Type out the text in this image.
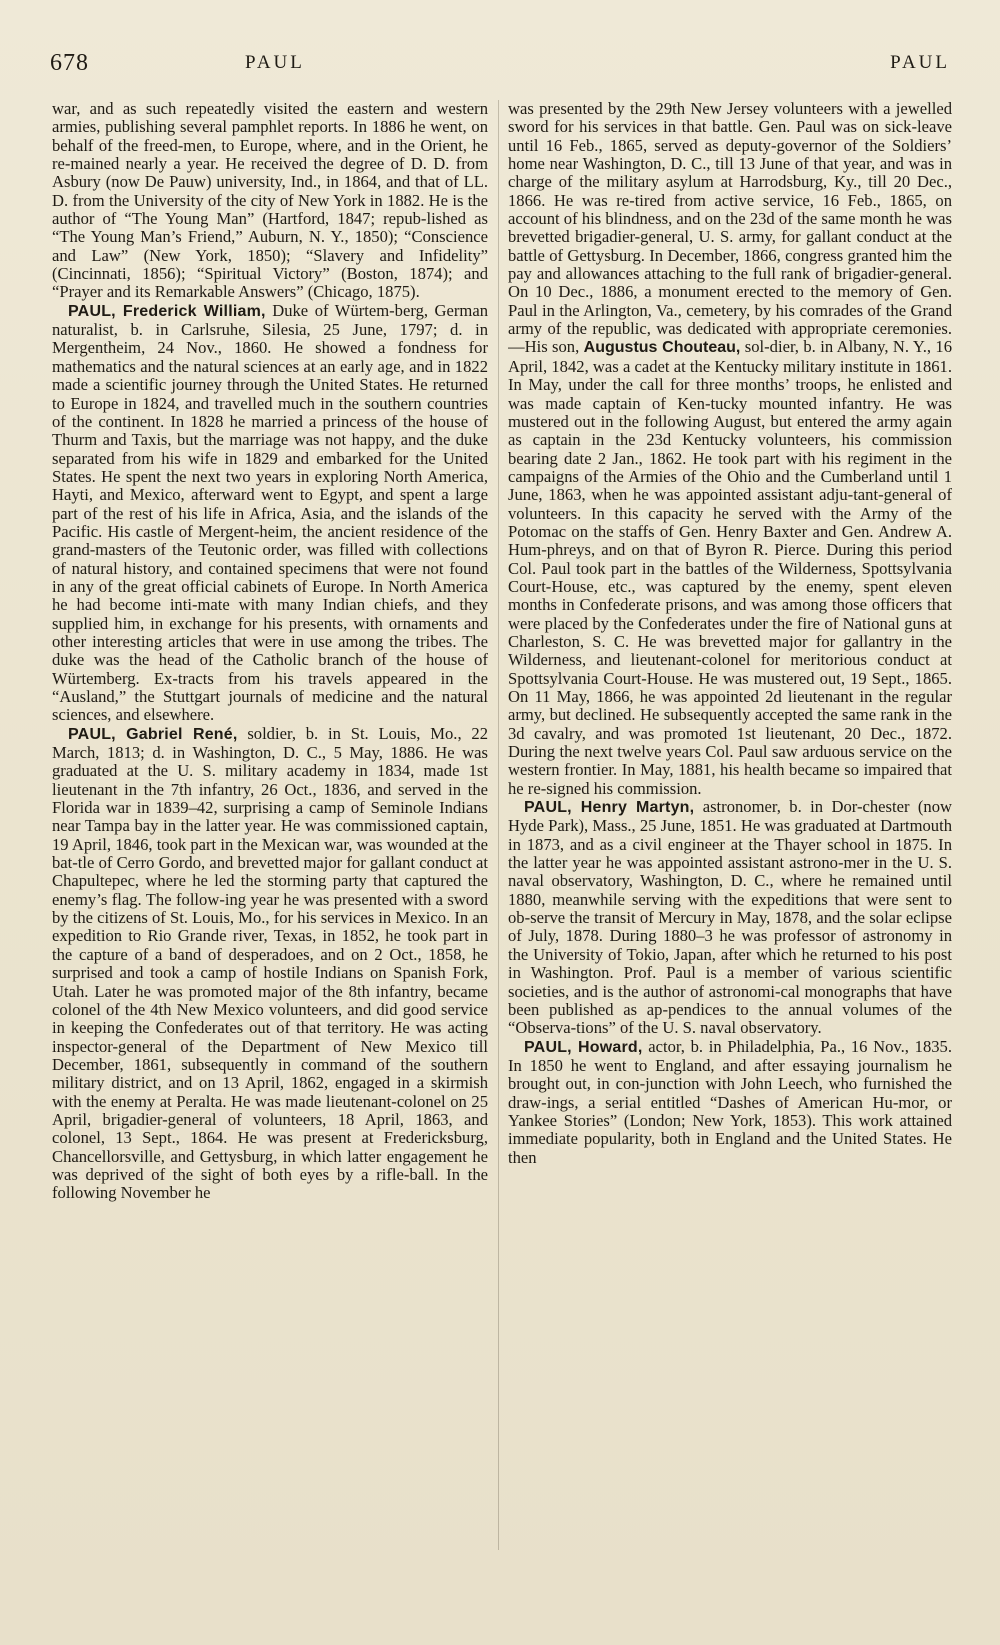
678	PAUL	PAUL

war, and as such repeatedly visited the eastern and western armies, publishing several pamphlet reports. In 1886 he went, on behalf of the freed-men, to Europe, where, and in the Orient, he re-mained nearly a year. He received the degree of D. D. from Asbury (now De Pauw) university, Ind., in 1864, and that of LL. D. from the University of the city of New York in 1882. He is the author of “The Young Man” (Hartford, 1847; repub-lished as “The Young Man’s Friend,” Auburn, N. Y., 1850); “Conscience and Law” (New York, 1850); “Slavery and Infidelity” (Cincinnati, 1856); “Spiritual Victory” (Boston, 1874); and “Prayer and its Remarkable Answers” (Chicago, 1875).

PAUL, Frederick William, Duke of Würtem-berg, German naturalist, b. in Carlsruhe, Silesia, 25 June, 1797; d. in Mergentheim, 24 Nov., 1860. He showed a fondness for mathematics and the natural sciences at an early age, and in 1822 made a scientific journey through the United States. He returned to Europe in 1824, and travelled much in the southern countries of the continent. In 1828 he married a princess of the house of Thurm and Taxis, but the marriage was not happy, and the duke separated from his wife in 1829 and embarked for the United States. He spent the next two years in exploring North America, Hayti, and Mexico, afterward went to Egypt, and spent a large part of the rest of his life in Africa, Asia, and the islands of the Pacific. His castle of Mergent-heim, the ancient residence of the grand-masters of the Teutonic order, was filled with collections of natural history, and contained specimens that were not found in any of the great official cabinets of Europe. In North America he had become inti-mate with many Indian chiefs, and they supplied him, in exchange for his presents, with ornaments and other interesting articles that were in use among the tribes. The duke was the head of the Catholic branch of the house of Würtemberg. Ex-tracts from his travels appeared in the “Ausland,” the Stuttgart journals of medicine and the natural sciences, and elsewhere.

PAUL, Gabriel René, soldier, b. in St. Louis, Mo., 22 March, 1813; d. in Washington, D. C., 5 May, 1886. He was graduated at the U. S. military academy in 1834, made 1st lieutenant in the 7th infantry, 26 Oct., 1836, and served in the Florida war in 1839–42, surprising a camp of Seminole Indians near Tampa bay in the latter year. He was commissioned captain, 19 April, 1846, took part in the Mexican war, was wounded at the bat-tle of Cerro Gordo, and brevetted major for gallant conduct at Chapultepec, where he led the storming party that captured the enemy’s flag. The follow-ing year he was presented with a sword by the citizens of St. Louis, Mo., for his services in Mexico. In an expedition to Rio Grande river, Texas, in 1852, he took part in the capture of a band of desperadoes, and on 2 Oct., 1858, he surprised and took a camp of hostile Indians on Spanish Fork, Utah. Later he was promoted major of the 8th infantry, became colonel of the 4th New Mexico volunteers, and did good service in keeping the Confederates out of that territory. He was acting inspector-general of the Department of New Mexico till December, 1861, subsequently in command of the southern military district, and on 13 April, 1862, engaged in a skirmish with the enemy at Peralta. He was made lieutenant-colonel on 25 April, brigadier-general of volunteers, 18 April, 1863, and colonel, 13 Sept., 1864. He was present at Fredericksburg, Chancellorsville, and Gettysburg, in which latter engagement he was deprived of the sight of both eyes by a rifle-ball. In the following November he

was presented by the 29th New Jersey volunteers with a jewelled sword for his services in that battle. Gen. Paul was on sick-leave until 16 Feb., 1865, served as deputy-governor of the Soldiers’ home near Washington, D. C., till 13 June of that year, and was in charge of the military asylum at Harrodsburg, Ky., till 20 Dec., 1866. He was re-tired from active service, 16 Feb., 1865, on account of his blindness, and on the 23d of the same month he was brevetted brigadier-general, U. S. army, for gallant conduct at the battle of Gettysburg. In December, 1866, congress granted him the pay and allowances attaching to the full rank of brigadier-general. On 10 Dec., 1886, a monument erected to the memory of Gen. Paul in the Arlington, Va., cemetery, by his comrades of the Grand army of the republic, was dedicated with appropriate ceremonies.—His son, Augustus Chouteau, sol-dier, b. in Albany, N. Y., 16 April, 1842, was a cadet at the Kentucky military institute in 1861. In May, under the call for three months’ troops, he enlisted and was made captain of Ken-tucky mounted infantry. He was mustered out in the following August, but entered the army again as captain in the 23d Kentucky volunteers, his commission bearing date 2 Jan., 1862. He took part with his regiment in the campaigns of the Armies of the Ohio and the Cumberland until 1 June, 1863, when he was appointed assistant adju-tant-general of volunteers. In this capacity he served with the Army of the Potomac on the staffs of Gen. Henry Baxter and Gen. Andrew A. Hum-phreys, and on that of Byron R. Pierce. During this period Col. Paul took part in the battles of the Wilderness, Spottsylvania Court-House, etc., was captured by the enemy, spent eleven months in Confederate prisons, and was among those officers that were placed by the Confederates under the fire of National guns at Charleston, S. C. He was brevetted major for gallantry in the Wilderness, and lieutenant-colonel for meritorious conduct at Spottsylvania Court-House. He was mustered out, 19 Sept., 1865. On 11 May, 1866, he was appointed 2d lieutenant in the regular army, but declined. He subsequently accepted the same rank in the 3d cavalry, and was promoted 1st lieutenant, 20 Dec., 1872. During the next twelve years Col. Paul saw arduous service on the western frontier. In May, 1881, his health became so impaired that he re-signed his commission.

PAUL, Henry Martyn, astronomer, b. in Dor-chester (now Hyde Park), Mass., 25 June, 1851. He was graduated at Dartmouth in 1873, and as a civil engineer at the Thayer school in 1875. In the latter year he was appointed assistant astrono-mer in the U. S. naval observatory, Washington, D. C., where he remained until 1880, meanwhile serving with the expeditions that were sent to ob-serve the transit of Mercury in May, 1878, and the solar eclipse of July, 1878. During 1880–3 he was professor of astronomy in the University of Tokio, Japan, after which he returned to his post in Washington. Prof. Paul is a member of various scientific societies, and is the author of astronomi-cal monographs that have been published as ap-pendices to the annual volumes of the “Observa-tions” of the U. S. naval observatory.

PAUL, Howard, actor, b. in Philadelphia, Pa., 16 Nov., 1835. In 1850 he went to England, and after essaying journalism he brought out, in con-junction with John Leech, who furnished the draw-ings, a serial entitled “Dashes of American Hu-mor, or Yankee Stories” (London; New York, 1853). This work attained immediate popularity, both in England and the United States. He then
